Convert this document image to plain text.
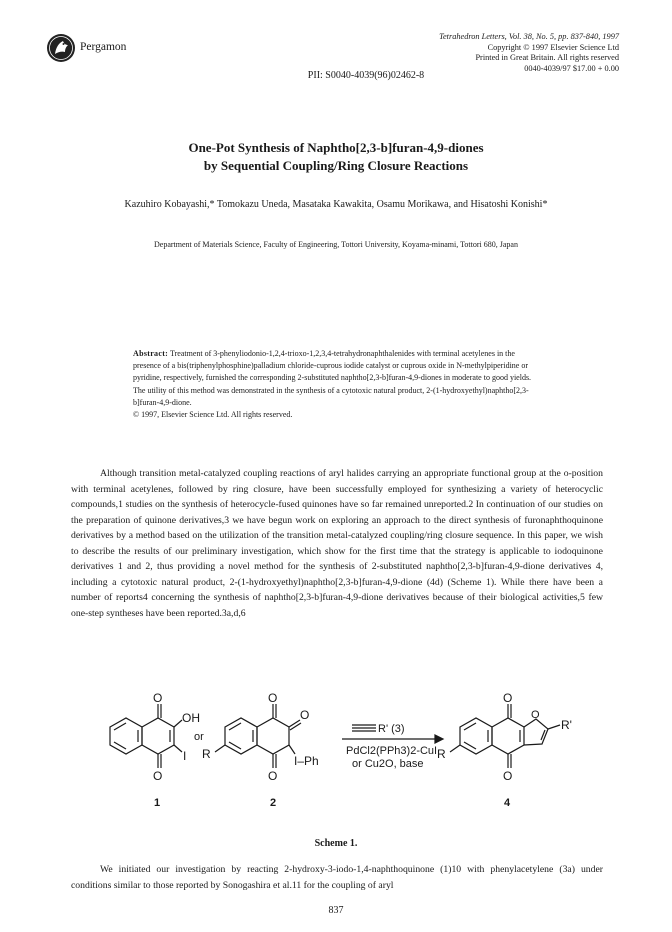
Pergamon
Tetrahedron Letters, Vol. 38, No. 5, pp. 837-840, 1997
Copyright © 1997 Elsevier Science Ltd
Printed in Great Britain. All rights reserved
0040-4039/97 $17.00 + 0.00
PII: S0040-4039(96)02462-8
One-Pot Synthesis of Naphtho[2,3-b]furan-4,9-diones
by Sequential Coupling/Ring Closure Reactions
Kazuhiro Kobayashi,* Tomokazu Uneda, Masataka Kawakita, Osamu Morikawa, and Hisatoshi Konishi*
Department of Materials Science, Faculty of Engineering, Tottori University, Koyama-minami, Tottori 680, Japan
Abstract: Treatment of 3-phenyliodonio-1,2,4-trioxo-1,2,3,4-tetrahydronaphthalenides with terminal acetylenes in the presence of a bis(triphenylphosphine)palladium chloride-cuprous iodide catalyst or cuprous oxide in N-methylpiperidine or pyridine, respectively, furnished the corresponding 2-substituted naphtho[2,3-b]furan-4,9-diones in moderate to good yields. The utility of this method was demonstrated in the synthesis of a cytotoxic natural product, 2-(1-hydroxyethyl)naphtho[2,3-b]furan-4,9-dione.
© 1997, Elsevier Science Ltd. All rights reserved.
Although transition metal-catalyzed coupling reactions of aryl halides carrying an appropriate functional group at the o-position with terminal acetylenes, followed by ring closure, have been successfully employed for synthesizing a variety of heterocyclic compounds,1 studies on the synthesis of heterocycle-fused quinones have so far remained unreported.2 In continuation of our studies on the preparation of quinone derivatives,3 we have begun work on exploring an approach to the direct synthesis of furonaphthoquinone derivatives by a method based on the utilization of the transition metal-catalyzed coupling/ring closure sequence. In this paper, we wish to describe the results of our preliminary investigation, which show for the first time that the strategy is applicable to iodoquinone derivatives 1 and 2, thus providing a novel method for the synthesis of 2-substituted naphtho[2,3-b]furan-4,9-dione derivatives 4, including a cytotoxic natural product, 2-(1-hydroxyethyl)naphtho[2,3-b]furan-4,9-dione (4d) (Scheme 1). While there have been a number of reports4 concerning the synthesis of naphtho[2,3-b]furan-4,9-dione derivatives because of their biological activities,5 few one-step syntheses have been reported.3a,d,6
O
O
OH
I
or
1
O
O
O
R	I–Ph
2
R' (3)
PdCl2(PPh3)2-CuI
or Cu2O, base
O
O
O
R
R'
4
Scheme 1.
We initiated our investigation by reacting 2-hydroxy-3-iodo-1,4-naphthoquinone (1)10 with phenylacetylene (3a) under conditions similar to those reported by Sonogashira et al.11 for the coupling of aryl
837
